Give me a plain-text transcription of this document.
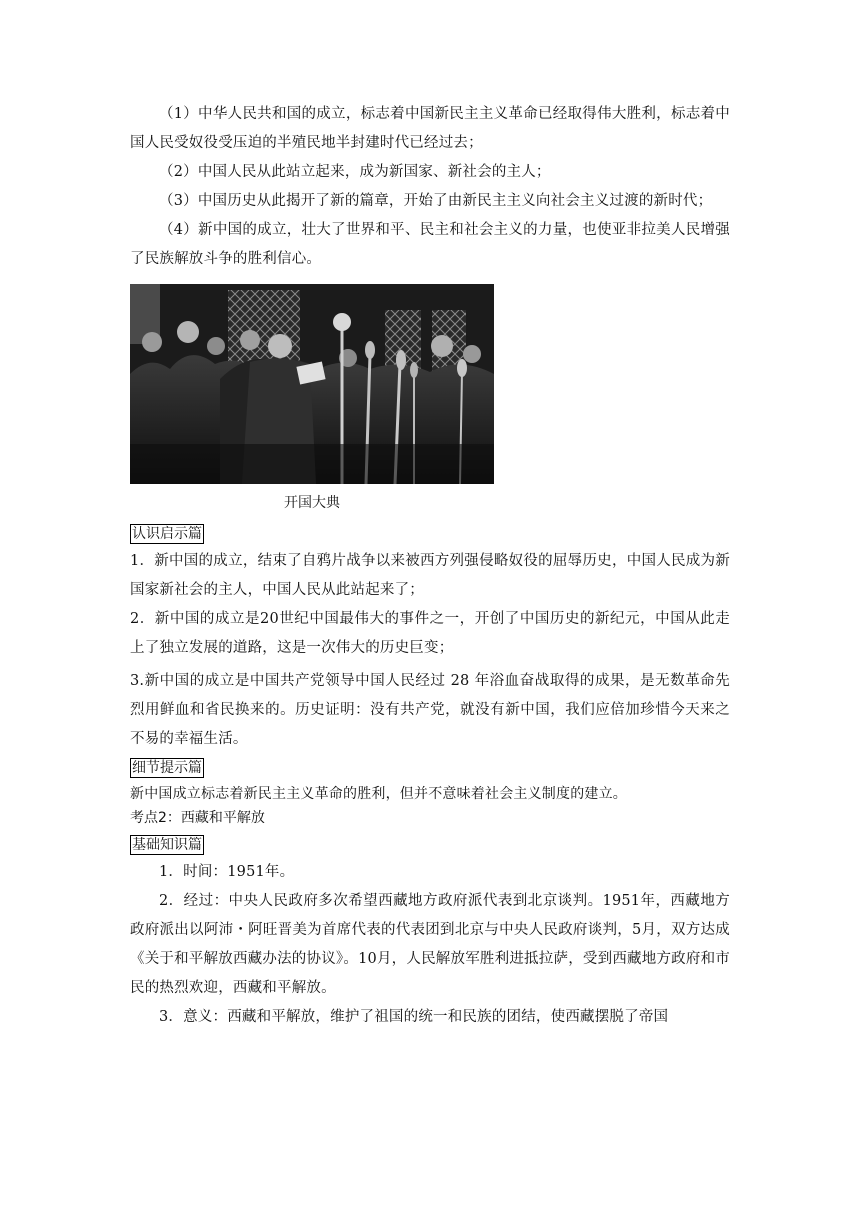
（1）中华人民共和国的成立，标志着中国新民主主义革命已经取得伟大胜利，标志着中国人民受奴役受压迫的半殖民地半封建时代已经过去；

（2）中国人民从此站立起来，成为新国家、新社会的主人；

（3）中国历史从此揭开了新的篇章，开始了由新民主主义向社会主义过渡的新时代；

（4）新中国的成立，壮大了世界和平、民主和社会主义的力量，也使亚非拉美人民增强了民族解放斗争的胜利信心。

开国大典
认识启示篇

1．新中国的成立，结束了自鸦片战争以来被西方列强侵略奴役的屈辱历史，中国人民成为新国家新社会的主人，中国人民从此站起来了；

2．新中国的成立是20世纪中国最伟大的事件之一，开创了中国历史的新纪元，中国从此走上了独立发展的道路，这是一次伟大的历史巨变；

3.新中国的成立是中国共产党领导中国人民经过 28 年浴血奋战取得的成果，是无数革命先烈用鲜血和省民换来的。历史证明：没有共产党，就没有新中国，我们应倍加珍惜今天来之不易的幸福生活。

细节提示篇

新中国成立标志着新民主主义革命的胜利，但并不意味着社会主义制度的建立。

考点2：西藏和平解放
基础知识篇

1．时间：1951年。

2．经过：中央人民政府多次希望西藏地方政府派代表到北京谈判。1951年，西藏地方政府派出以阿沛・阿旺晋美为首席代表的代表团到北京与中央人民政府谈判，5月，双方达成《关于和平解放西藏办法的协议》。10月，人民解放军胜利进抵拉萨，受到西藏地方政府和市民的热烈欢迎，西藏和平解放。

3．意义：西藏和平解放，维护了祖国的统一和民族的团结，使西藏摆脱了帝国
